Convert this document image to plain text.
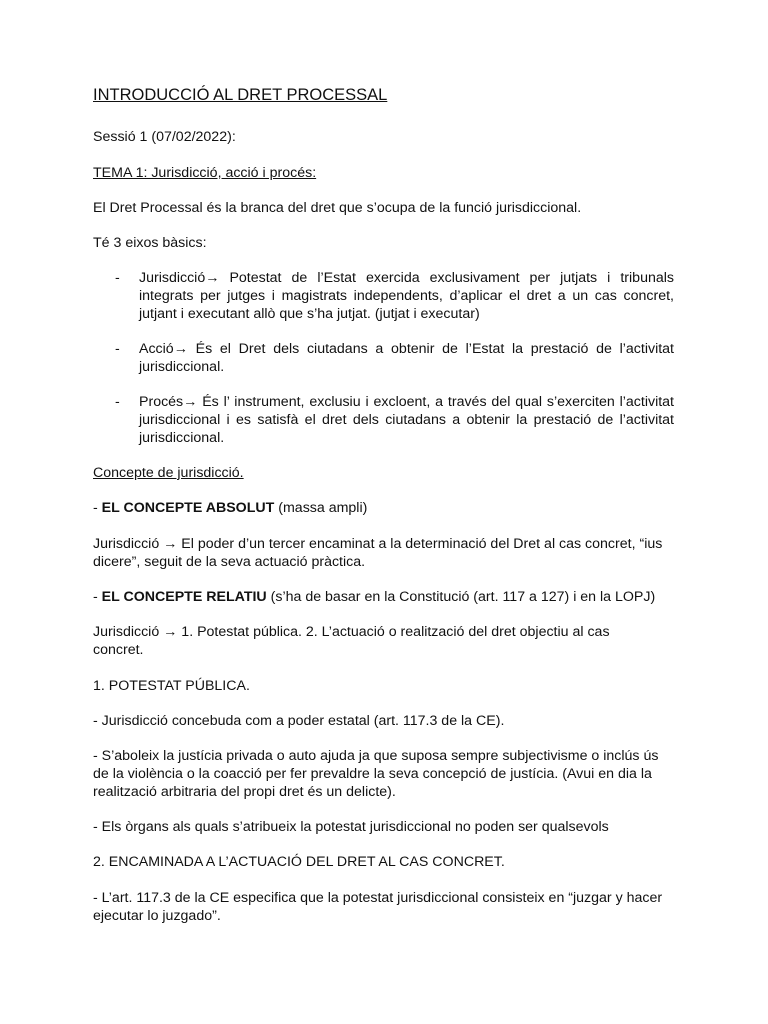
INTRODUCCIÓ AL DRET PROCESSAL
Sessió 1 (07/02/2022):
TEMA 1: Jurisdicció, acció i procés:
El Dret Processal és la branca del dret que s’ocupa de la funció jurisdiccional.
Té 3 eixos bàsics:
-	Jurisdicció→ Potestat de l’Estat exercida exclusivament per jutjats i tribunals integrats per jutges i magistrats independents, d’aplicar el dret a un cas concret, jutjant i executant allò que s’ha jutjat. (jutjat i executar)
-	Acció→ És el Dret dels ciutadans a obtenir de l’Estat la prestació de l’activitat jurisdiccional.
-	Procés→ És l’ instrument, exclusiu i excloent, a través del qual s’exerciten l’activitat jurisdiccional i es satisfà el dret dels ciutadans a obtenir la prestació de l’activitat jurisdiccional.
Concepte de jurisdicció.
- EL CONCEPTE ABSOLUT (massa ampli)
Jurisdicció → El poder d’un tercer encaminat a la determinació del Dret al cas concret, “ius dicere”, seguit de la seva actuació pràctica.
- EL CONCEPTE RELATIU (s’ha de basar en la Constitució (art. 117 a 127) i en la LOPJ)
Jurisdicció → 1. Potestat pública. 2. L’actuació o realització del dret objectiu al cas concret.
1. POTESTAT PÚBLICA.
- Jurisdicció concebuda com a poder estatal (art. 117.3 de la CE).
- S’aboleix la justícia privada o auto ajuda ja que suposa sempre subjectivisme o inclús ús de la violència o la coacció per fer prevaldre la seva concepció de justícia. (Avui en dia la realització arbitraria del propi dret és un delicte).
- Els òrgans als quals s’atribueix la potestat jurisdiccional no poden ser qualsevols
2. ENCAMINADA A L’ACTUACIÓ DEL DRET AL CAS CONCRET.
- L’art. 117.3 de la CE especifica que la potestat jurisdiccional consisteix en “juzgar y hacer ejecutar lo juzgado”.
